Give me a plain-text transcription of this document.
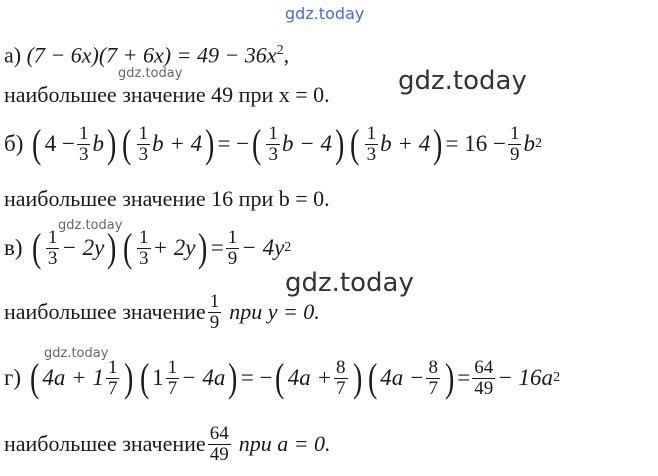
gdz.today
gdz.today	gdz.today
gdz.today
gdz.today
gdz.today
а) $(7 - 6x)(7 + 6x) = 49 - 36x^2$,
наибольшее значение 49 при x = 0.
б) ( $4 - \frac{1}{3}$ b ) ( $\frac{1}{3}$ b + 4 ) = − ( $\frac{1}{3}$ b − 4 ) ( $\frac{1}{3}$ b + 4 ) = $16 - \frac{1}{9}$ b 2
наибольшее значение 16 при b = 0.
в) ( $\frac{1}{3} - 2y$ ) ( $\frac{1}{3} + 2y$ ) = $\frac{1}{9} - 4y$ 2
наибольшее значение $\frac{1}{9}$ при y = 0.
г) ( $4a + 1 \frac{1}{7}$ ) ( $1 \frac{1}{7} - 4a$ ) = − ( $4a + \frac{8}{7}$ ) ( $4a - \frac{8}{7}$ ) = $\frac{64}{49} - 16a$ 2
наибольшее значение $\frac{64}{49}$ при a = 0.
